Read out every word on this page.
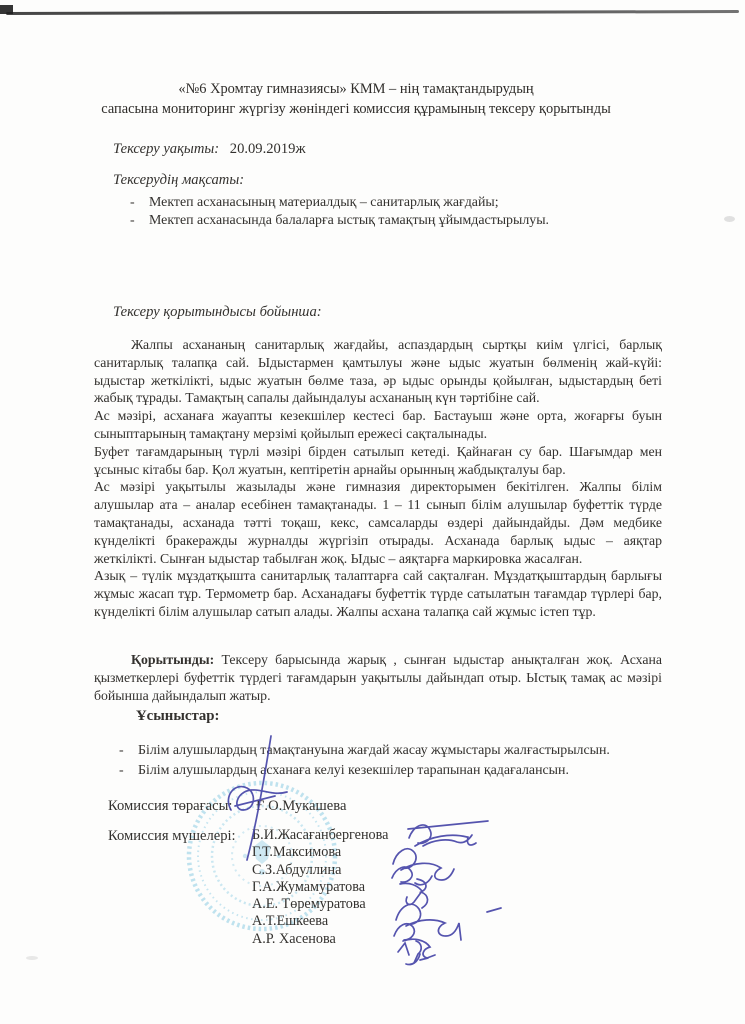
«№6 Хромтау гимназиясы» КММ – нің тамақтандырудың
сапасына мониторинг жүргізу жөніндегі комиссия құрамының тексеру қорытынды
Тексеру уақыты: 20.09.2019ж
Тексерудің мақсаты:
-	Мектеп асханасының материалдық – санитарлық жағдайы;
-	Мектеп асханасында балаларға ыстық тамақтың ұйымдастырылуы.
Тексеру қорытындысы бойынша:

Жалпы асхананың санитарлық жағдайы, аспаздардың сыртқы киім үлгісі, барлық санитарлық талапқа сай. Ыдыстармен қамтылуы және ыдыс жуатын бөлменің жай-күйі: ыдыстар жеткілікті, ыдыс жуатын бөлме таза, әр ыдыс орынды қойылған, ыдыстардың беті жабық тұрады. Тамақтың сапалы дайындалуы асхананың күн тәртібіне сай.

Ас мәзірі, асханаға жауапты кезекшілер кестесі бар. Бастауыш және орта, жоғарғы буын сыныптарының тамақтану мерзімі қойылып ережесі сақталынады.

Буфет тағамдарының түрлі мәзірі бірден сатылып кетеді. Қайнаған су бар. Шағымдар мен ұсыныс кітабы бар. Қол жуатын, кептіретін арнайы орынның жабдықталуы бар.

Ас мәзірі уақытылы жазылады және гимназия директорымен бекітілген. Жалпы білім алушылар ата – аналар есебінен тамақтанады. 1 – 11 сынып білім алушылар буфеттік түрде тамақтанады, асханада тәтті тоқаш, кекс, самсаларды өздері дайындайды. Дәм медбике күнделікті бракеражды журналды жүргізіп отырады. Асханада барлық ыдыс – аяқтар жеткілікті. Сынған ыдыстар табылған жоқ. Ыдыс – аяқтарға маркировка жасалған.

Азық – түлік мұздатқышта санитарлық талаптарға сай сақталған. Мұздатқыштардың барлығы жұмыс жасап тұр. Термометр бар. Асханадағы буфеттік түрде сатылатын тағамдар түрлері бар, күнделікті білім алушылар сатып алады. Жалпы асхана талапқа сай жұмыс істеп тұр.

Қорытынды: Тексеру барысында жарық , сынған ыдыстар анықталған жоқ. Асхана қызметкерлері буфеттік түрдегі тағамдарын уақытылы дайындап отыр. Ыстық тамақ ас мәзірі бойынша дайындалып жатыр.

Ұсыныстар:
-	Білім алушылардың тамақтануына жағдай жасау жұмыстары жалғастырылсын.
-	Білім алушылардың асханаға келуі кезекшілер тарапынан қадағалансын.
Комиссия төрағасы: Ғ.О.Мукашева
Комиссия мүшелері: Б.И.Жасағанбергенова
Г.Т.Максимова
С.З.Абдуллина
Г.А.Жумамуратова
А.Е. Төремуратова
А.Т.Ешкеева
А.Р. Хасенова
